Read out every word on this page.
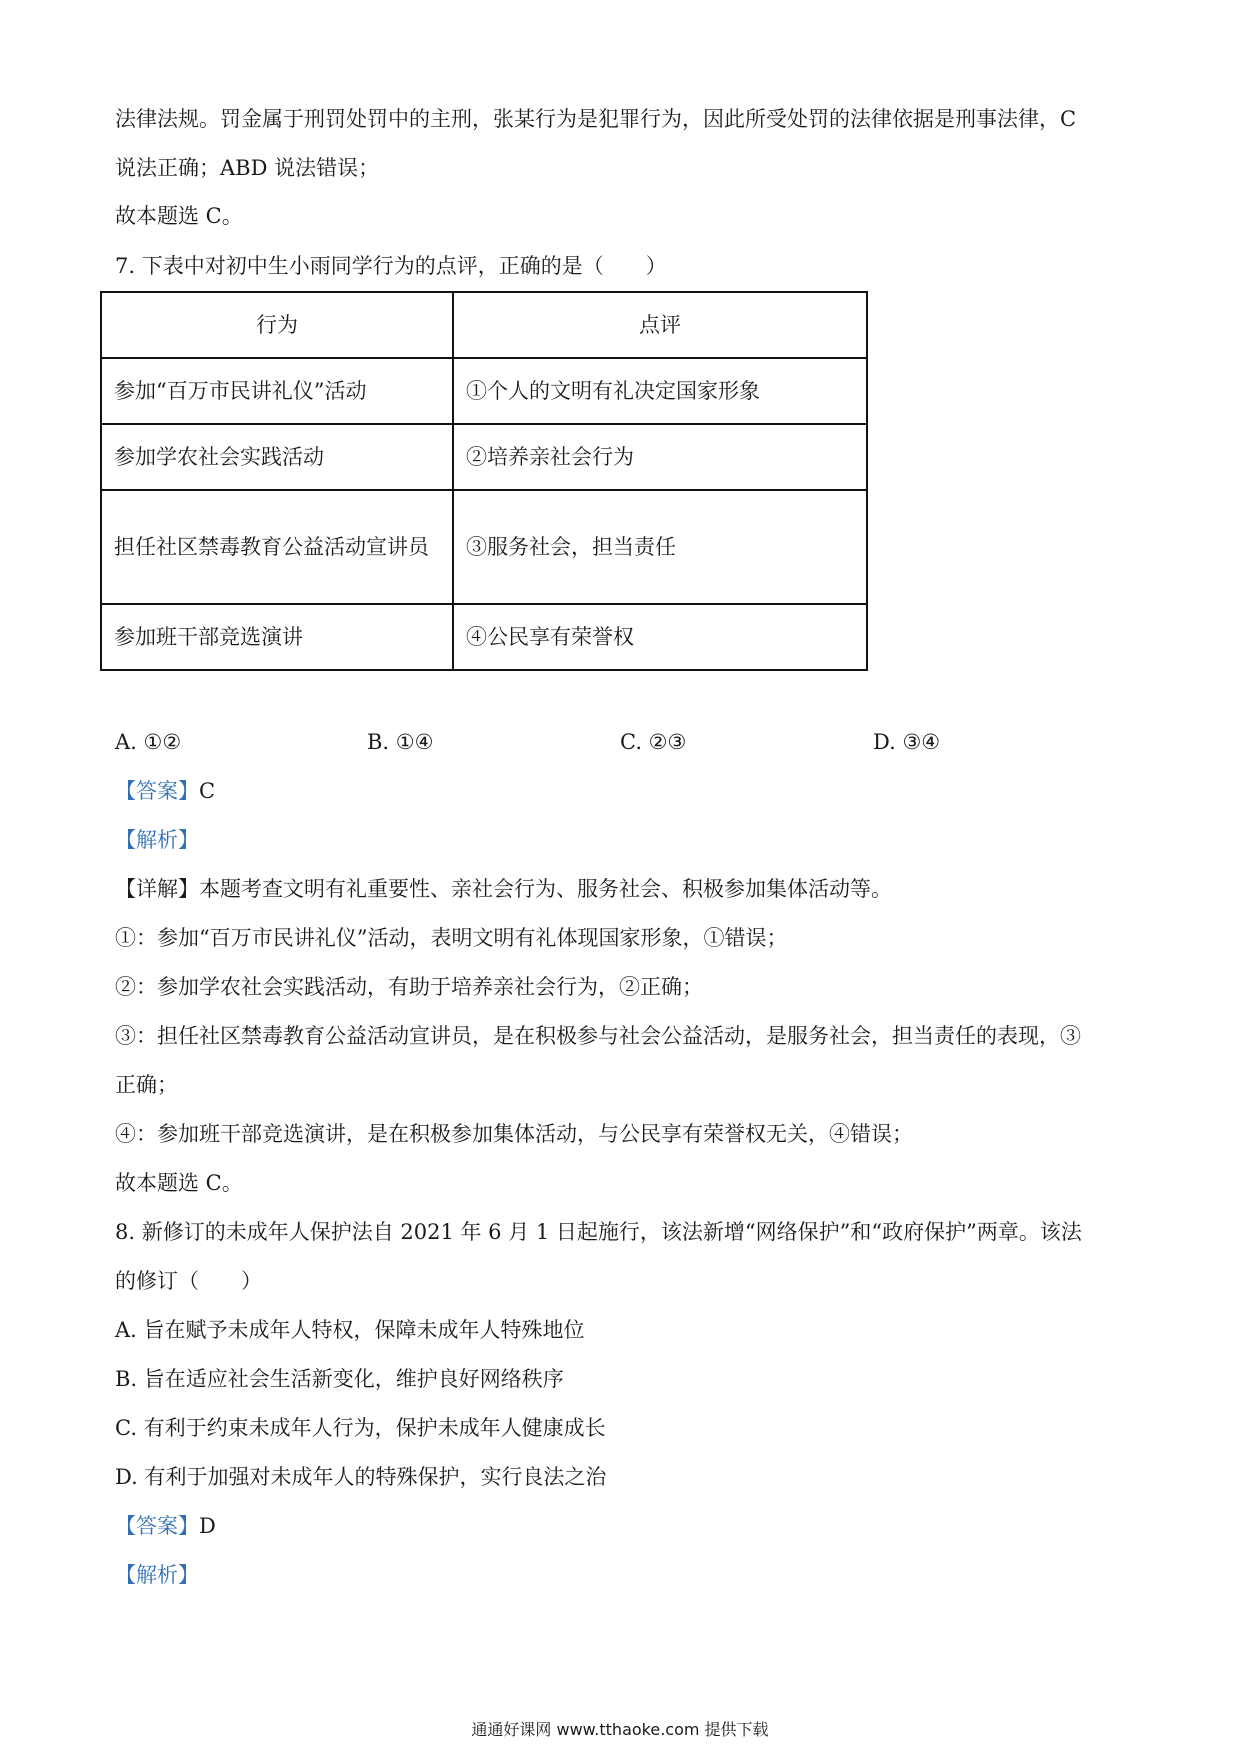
法律法规。罚金属于刑罚处罚中的主刑，张某行为是犯罪行为，因此所受处罚的法律依据是刑事法律，C
说法正确；ABD 说法错误；
故本题选 C。
7. 下表中对初中生小雨同学行为的点评，正确的是（　　）
行为	点评
参加“百万市民讲礼仪”活动	①个人的文明有礼决定国家形象
参加学农社会实践活动	②培养亲社会行为
担任社区禁毒教育公益活动宣讲员	③服务社会，担当责任
参加班干部竞选演讲	④公民享有荣誉权
A. ①②	B. ①④	C. ②③	D. ③④
【答案】C
【解析】
【详解】本题考查文明有礼重要性、亲社会行为、服务社会、积极参加集体活动等。
①：参加“百万市民讲礼仪”活动，表明文明有礼体现国家形象，①错误；
②：参加学农社会实践活动，有助于培养亲社会行为，②正确；
③：担任社区禁毒教育公益活动宣讲员，是在积极参与社会公益活动，是服务社会，担当责任的表现，③
正确；
④：参加班干部竞选演讲，是在积极参加集体活动，与公民享有荣誉权无关，④错误；
故本题选 C。
8. 新修订的未成年人保护法自 2021 年 6 月 1 日起施行，该法新增“网络保护”和“政府保护”两章。该法
的修订（　　）
A. 旨在赋予未成年人特权，保障未成年人特殊地位
B. 旨在适应社会生活新变化，维护良好网络秩序
C. 有利于约束未成年人行为，保护未成年人健康成长
D. 有利于加强对未成年人的特殊保护，实行良法之治
【答案】D
【解析】
通通好课网 www.tthaoke.com 提供下载
